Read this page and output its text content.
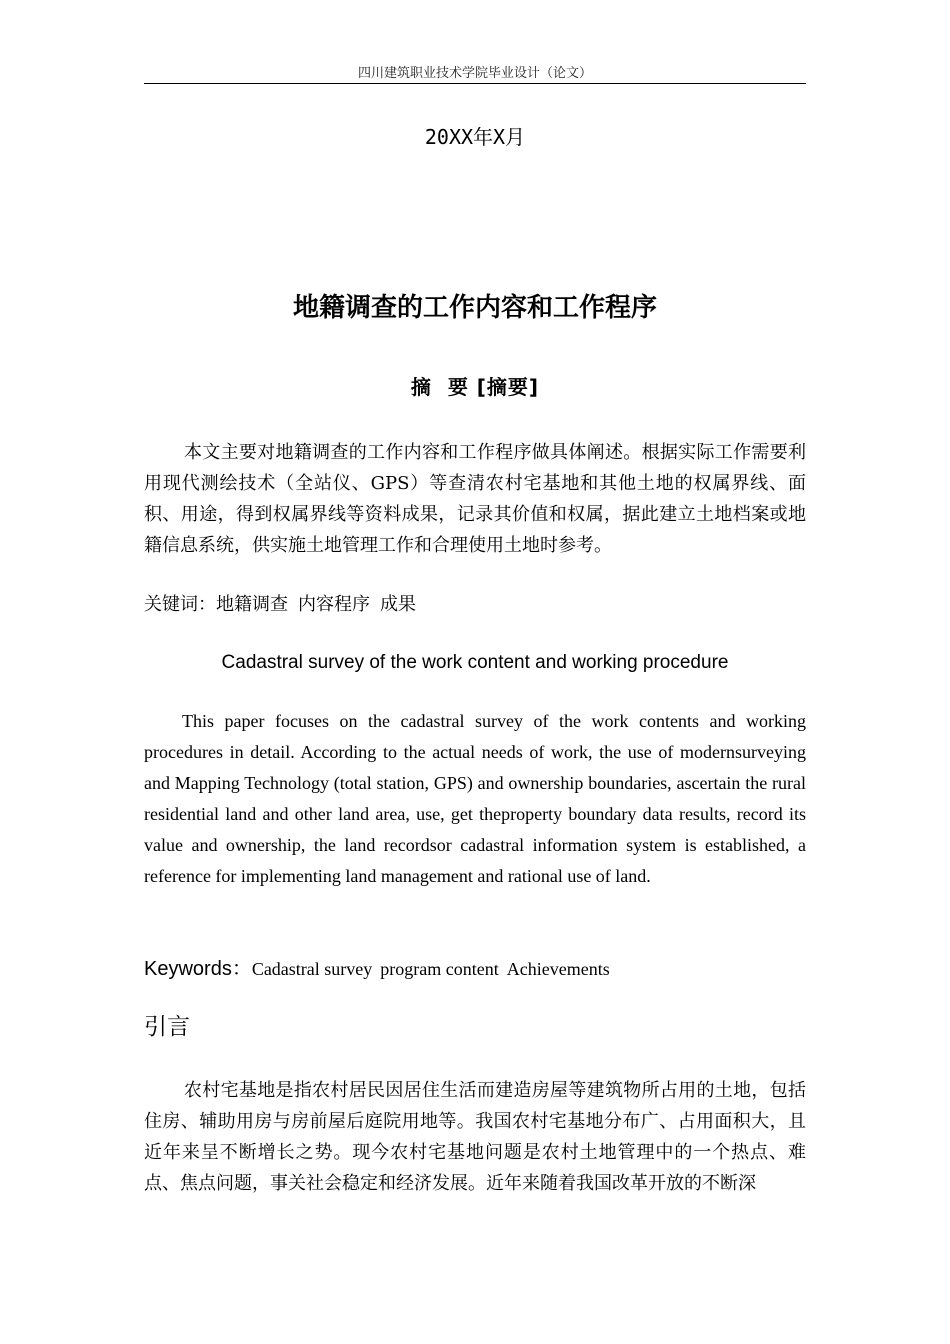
四川建筑职业技术学院毕业设计（论文）
20XX年X月
地籍调查的工作内容和工作程序
摘  要 [摘要]

本文主要对地籍调查的工作内容和工作程序做具体阐述。根据实际工作需要利用现代测绘技术（全站仪、GPS）等查清农村宅基地和其他土地的权属界线、面积、用途，得到权属界线等资料成果，记录其价值和权属，据此建立土地档案或地籍信息系统，供实施土地管理工作和合理使用土地时参考。

关键词：地籍调查 内容程序 成果
Cadastral survey of the work content and working procedure

This paper focuses on the cadastral survey of the work contents and working procedures in detail. According to the actual needs of work, the use of modernsurveying and Mapping Technology (total station, GPS) and ownership boundaries, ascertain the rural residential land and other land area, use, get theproperty boundary data results, record its value and ownership, the land recordsor cadastral information system is established, a reference for implementing land management and rational use of land.

Keywords：Cadastral survey program content Achievements
引言

农村宅基地是指农村居民因居住生活而建造房屋等建筑物所占用的土地，包括住房、辅助用房与房前屋后庭院用地等。我国农村宅基地分布广、占用面积大，且近年来呈不断增长之势。现今农村宅基地问题是农村土地管理中的一个热点、难点、焦点问题，事关社会稳定和经济发展。近年来随着我国改革开放的不断深
